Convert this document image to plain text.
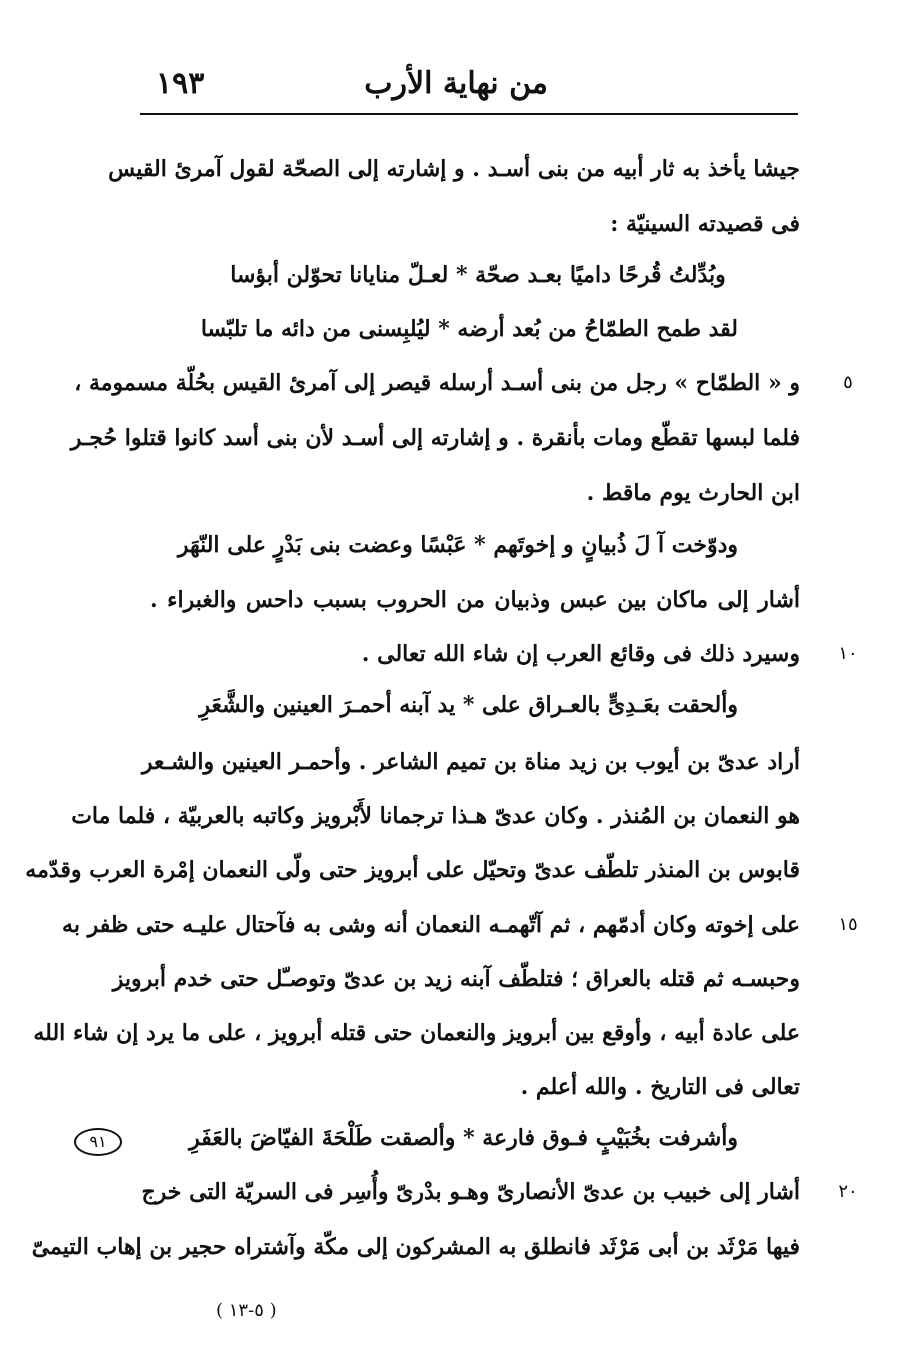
١٩٣	من نهاية الأرب
جيشا يأخذ به ثار أبيه من بنى أسـد . و إشارته إلى الصحّة لقول آمرئ القيس
فى قصيدته السينيّة :
وبُدِّلتُ قُرحًا داميًا بعـد صحّة * لعـلّ منايانا تحوّلن أبؤسا
لقد طمح الطمّاحُ من بُعد أرضه * ليُلبِسنى من دائه ما تلبّسا
و « الطمّاح » رجل من بنى أسـد أرسله قيصر إلى آمرئ القيس بحُلّة مسمومة ،
فلما لبسها تقطّع ومات بأنقرة . و إشارته إلى أسـد لأن بنى أسد كانوا قتلوا حُجـر
ابن الحارث يوم ماقط .
ودوّخت آ لَ ذُبيانٍ و إخوتَهم * عَبْسًا وعضت بنى بَدْرٍ على النّهَر
أشار إلى ماكان بين عبس وذبيان من الحروب بسبب داحس والغبراء .
وسيرد ذلك فى وقائع العرب إن شاء الله تعالى .
وألحقت بعَـدِىٍّ بالعـراق على * يد آبنه أحمـرَ العينين والشَّعَرِ
أراد عدىّ بن أيوب بن زيد مناة بن تميم الشاعر . وأحمـر العينين والشـعر
هو النعمان بن المُنذر . وكان عدىّ هـذا ترجمانا لأَبْرويز وكاتبه بالعربيّة ، فلما مات
قابوس بن المنذر تلطّف عدىّ وتحيّل على أبرويز حتى ولّى النعمان إمْرة العرب وقدّمه
على إخوته وكان أدمّهم ، ثم آتّهمـه النعمان أنه وشى به فآحتال عليـه حتى ظفر به
وحبسـه ثم قتله بالعراق ؛ فتلطّف آبنه زيد بن عدىّ وتوصـّل حتى خدم أبرويز
على عادة أبيه ، وأوقع بين أبرويز والنعمان حتى قتله أبرويز ، على ما يرد إن شاء الله
تعالى فى التاريخ . والله أعلم .
وأشرفت بخُبَيْبٍ فـوق فارعة * وألصقت طَلْحَةَ الفيّاضَ بالعَفَرِ
أشار إلى خبيب بن عدىّ الأنصارىّ وهـو بدْرىّ وأُسِر فى السريّة التى خرج
فيها مَرْثَد بن أبى مَرْثَد فانطلق به المشركون إلى مكّة وآشتراه حجير بن إهاب التيمىّ
٥
١٠
١٥
٢٠
٩١
( ٥-١٣ )
